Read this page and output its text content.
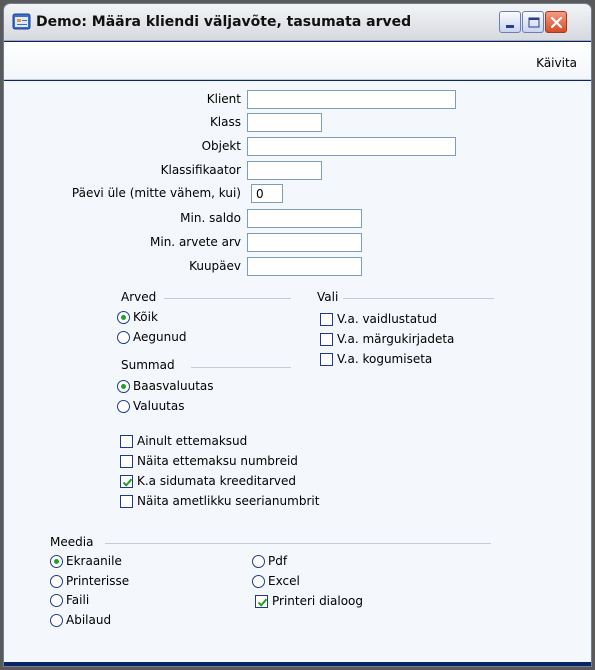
Demo: Määra kliendi väljavõte, tasumata arved
Käivita
Klient
Klass
Objekt
Klassifikaator
Päevi üle (mitte vähem, kui)
0
Min. saldo
Min. arvete arv
Kuupäev
Arved
Kõik
Aegunud
Vali
V.a. vaidlustatud
V.a. märgukirjadeta
V.a. kogumiseta
Summad
Baasvaluutas
Valuutas
Ainult ettemaksud
Näita ettemaksu numbreid
K.a sidumata kreeditarved
Näita ametlikku seerianumbrit
Meedia
Ekraanile
Printerisse
Faili
Abilaud
Pdf
Excel
Printeri dialoog
